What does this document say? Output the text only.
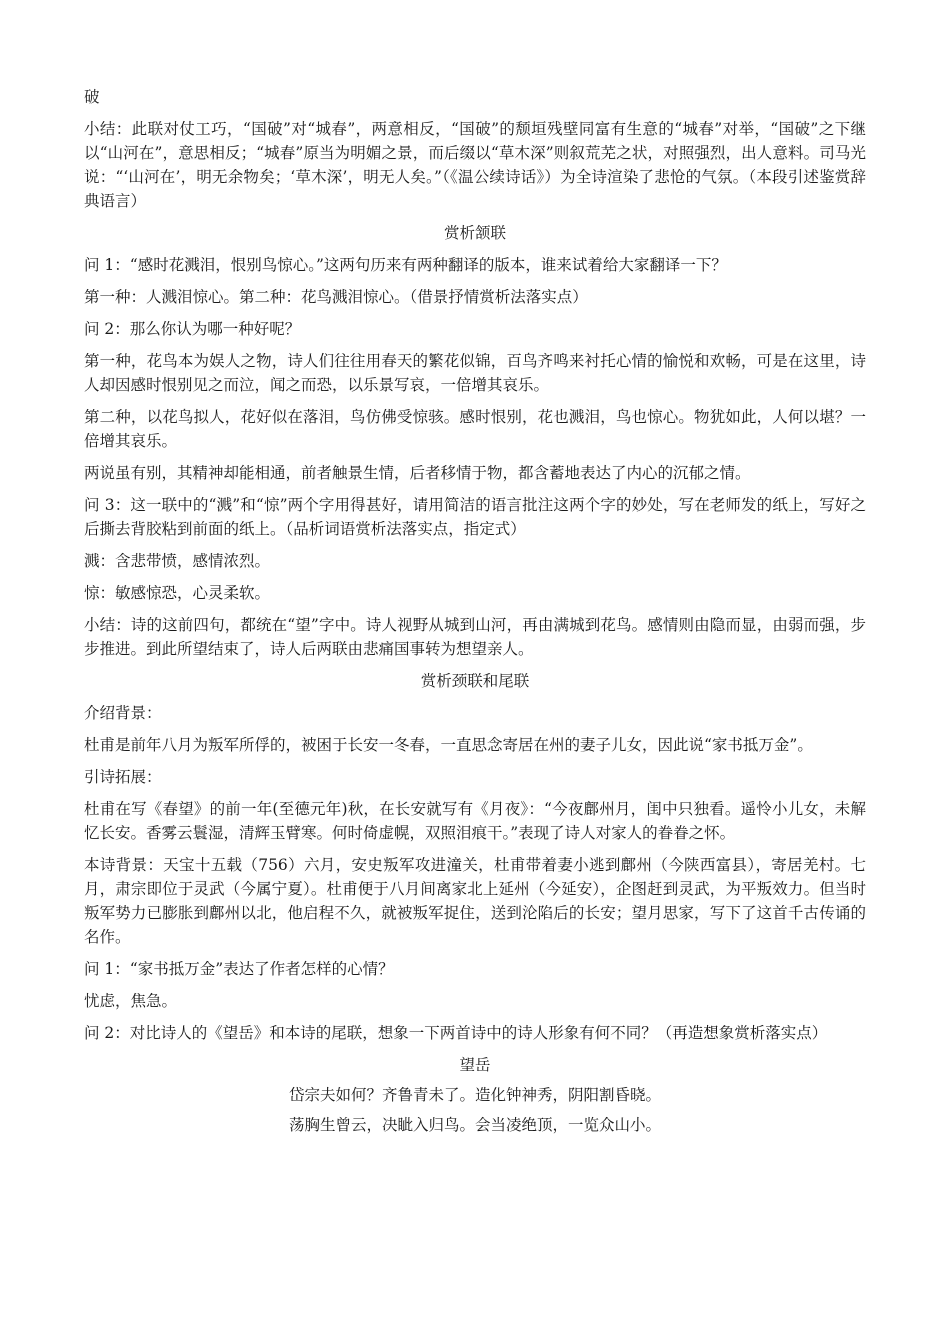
破

小结：此联对仗工巧，“国破”对“城春”，两意相反，“国破”的颓垣残壁同富有生意的“城春”对举，“国破”之下继以“山河在”，意思相反；“城春”原当为明媚之景，而后缀以“草木深”则叙荒芜之状，对照强烈，出人意料。司马光说：“‘山河在’，明无余物矣；‘草木深’，明无人矣。”（《温公续诗话》）为全诗渲染了悲怆的气氛。（本段引述鉴赏辞典语言）

赏析颔联

问 1：“感时花溅泪，恨别鸟惊心。”这两句历来有两种翻译的版本，谁来试着给大家翻译一下？

第一种：人溅泪惊心。第二种：花鸟溅泪惊心。（借景抒情赏析法落实点）

问 2：那么你认为哪一种好呢？

第一种，花鸟本为娱人之物，诗人们往往用春天的繁花似锦，百鸟齐鸣来衬托心情的愉悦和欢畅，可是在这里，诗人却因感时恨别见之而泣，闻之而恐，以乐景写哀，一倍增其哀乐。

第二种，以花鸟拟人，花好似在落泪，鸟仿佛受惊骇。感时恨别，花也溅泪，鸟也惊心。物犹如此，人何以堪？一倍增其哀乐。

两说虽有别，其精神却能相通，前者触景生情，后者移情于物，都含蓄地表达了内心的沉郁之情。

问 3：这一联中的“溅”和“惊”两个字用得甚好，请用简洁的语言批注这两个字的妙处，写在老师发的纸上，写好之后撕去背胶粘到前面的纸上。（品析词语赏析法落实点，指定式）

溅：含悲带愤，感情浓烈。

惊：敏感惊恐，心灵柔软。

小结：诗的这前四句，都统在“望”字中。诗人视野从城到山河，再由满城到花鸟。感情则由隐而显，由弱而强，步步推进。到此所望结束了，诗人后两联由悲痛国事转为想望亲人。

赏析颈联和尾联

介绍背景：

杜甫是前年八月为叛军所俘的，被困于长安一冬春，一直思念寄居在州的妻子儿女，因此说“家书抵万金”。

引诗拓展：

杜甫在写《春望》的前一年(至德元年)秋，在长安就写有《月夜》：“今夜鄜州月，闺中只独看。遥怜小儿女，未解忆长安。香雾云鬟湿，清辉玉臂寒。何时倚虚幌，双照泪痕干。”表现了诗人对家人的眷眷之怀。

本诗背景：天宝十五载（756）六月，安史叛军攻进潼关，杜甫带着妻小逃到鄜州（今陕西富县），寄居羌村。七月，肃宗即位于灵武（今属宁夏）。杜甫便于八月间离家北上延州（今延安），企图赶到灵武，为平叛效力。但当时叛军势力已膨胀到鄜州以北，他启程不久，就被叛军捉住，送到沦陷后的长安；望月思家，写下了这首千古传诵的名作。

问 1：“家书抵万金”表达了作者怎样的心情？

忧虑，焦急。

问 2：对比诗人的《望岳》和本诗的尾联，想象一下两首诗中的诗人形象有何不同？（再造想象赏析落实点）

望岳

岱宗夫如何？齐鲁青未了。造化钟神秀，阴阳割昏晓。

荡胸生曾云，决眦入归鸟。会当凌绝顶，一览众山小。
